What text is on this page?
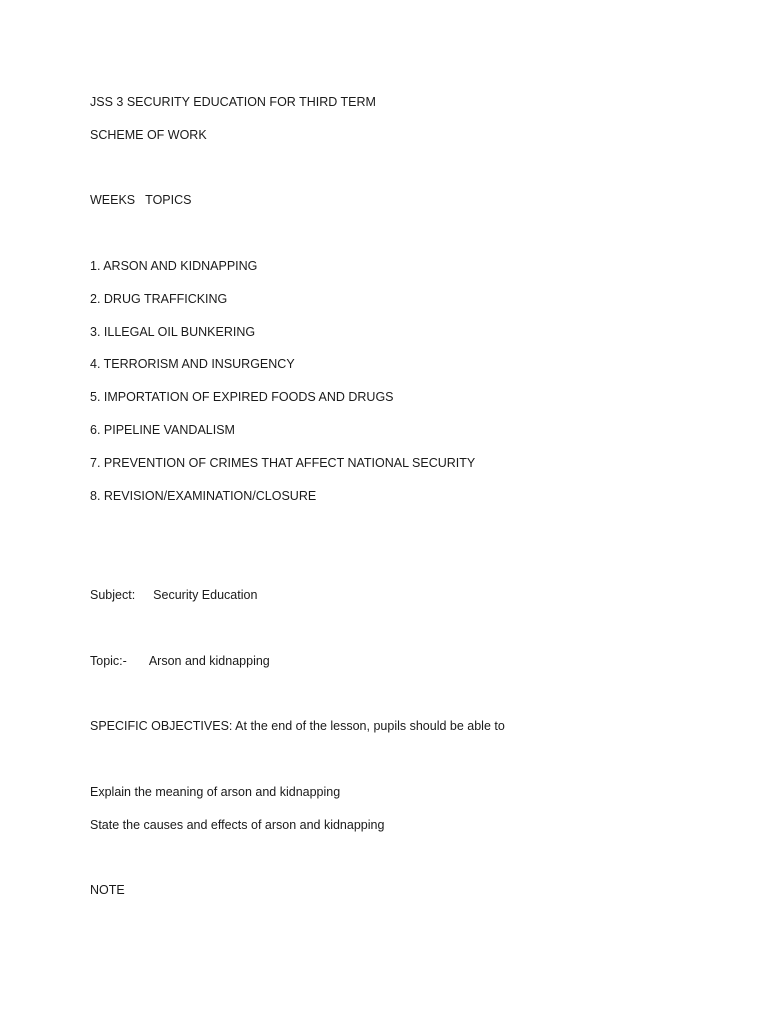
JSS 3 SECURITY EDUCATION FOR THIRD TERM
SCHEME OF WORK
WEEKS TOPICS
1. ARSON AND KIDNAPPING
2. DRUG TRAFFICKING
3. ILLEGAL OIL BUNKERING
4. TERRORISM AND INSURGENCY
5. IMPORTATION OF EXPIRED FOODS AND DRUGS
6. PIPELINE VANDALISM
7. PREVENTION OF CRIMES THAT AFFECT NATIONAL SECURITY
8. REVISION/EXAMINATION/CLOSURE
Subject: Security Education
Topic:- Arson and kidnapping
SPECIFIC OBJECTIVES: At the end of the lesson, pupils should be able to
Explain the meaning of arson and kidnapping
State the causes and effects of arson and kidnapping
NOTE
